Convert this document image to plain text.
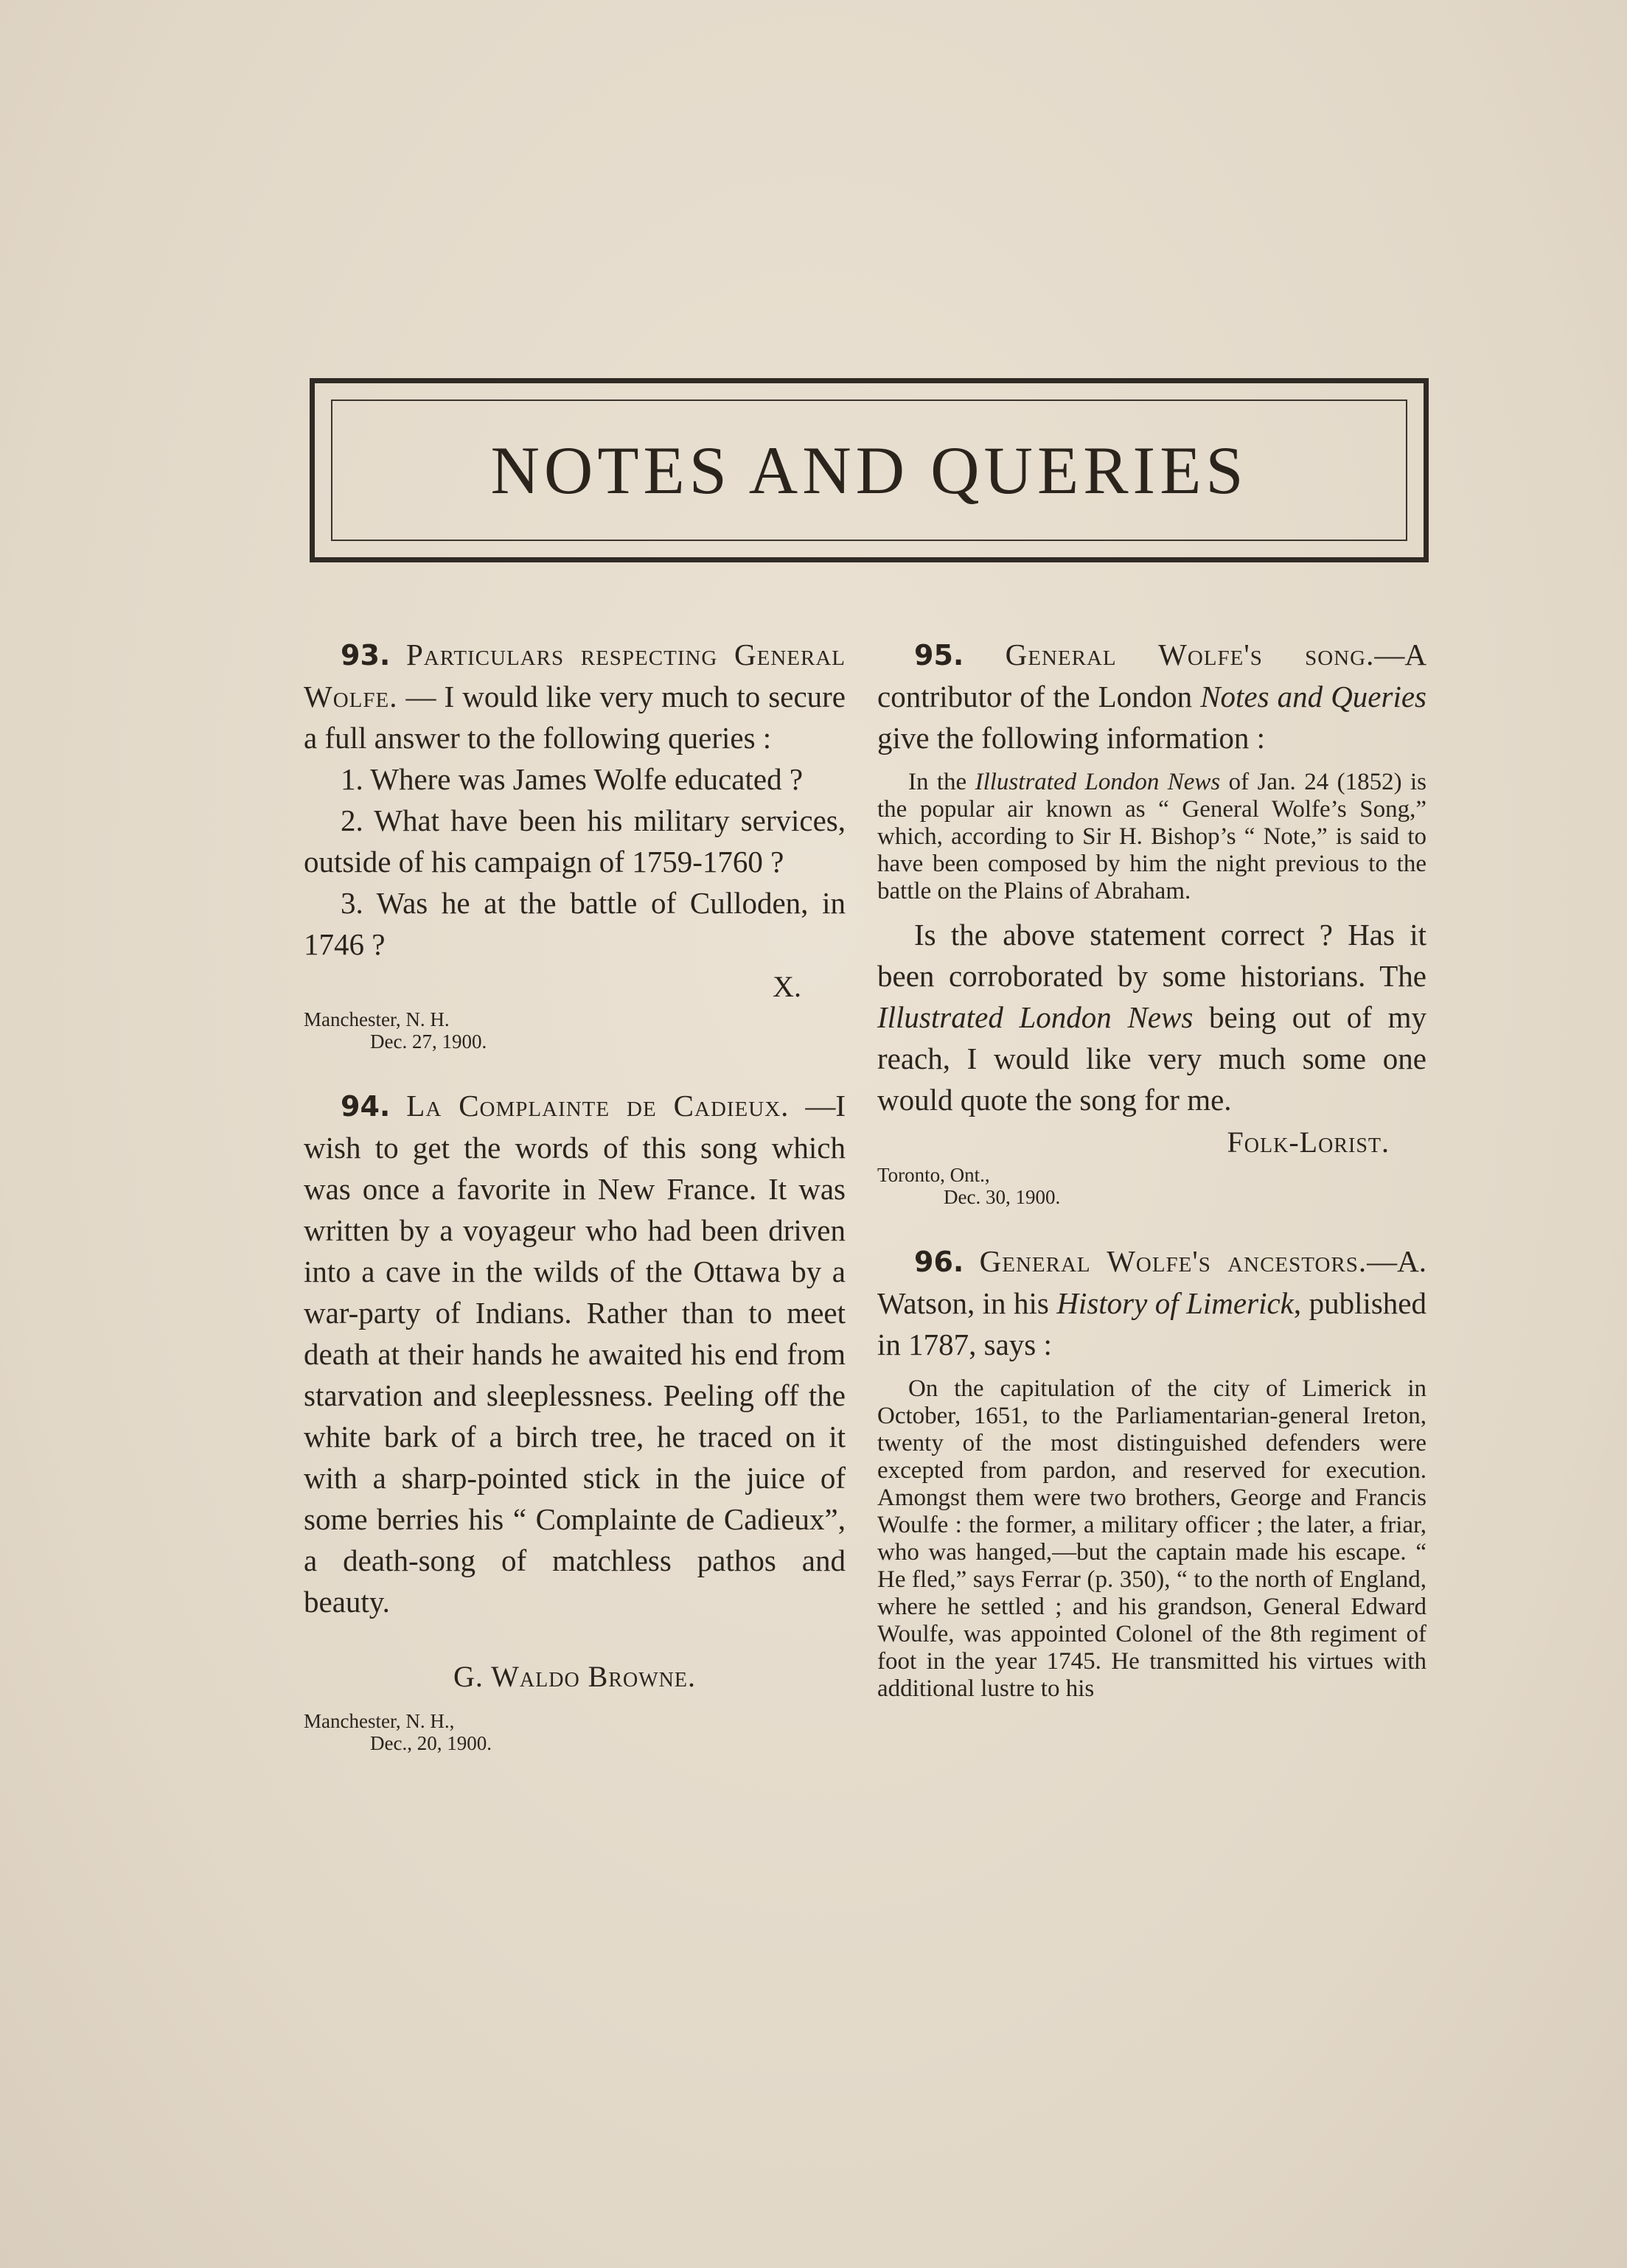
NOTES AND QUERIES

93. Particulars respecting General Wolfe. — I would like very much to secure a full answer to the following queries :

1. Where was James Wolfe educated ?

2. What have been his military services, outside of his campaign of 1759-1760 ?

3. Was he at the battle of Culloden, in 1746 ?

X.

Manchester, N. H.

Dec. 27, 1900.

94. La Complainte de Cadieux. —I wish to get the words of this song which was once a favorite in New France. It was written by a voyageur who had been driven into a cave in the wilds of the Ottawa by a war-party of Indians. Rather than to meet death at their hands he awaited his end from starvation and sleeplessness. Peeling off the white bark of a birch tree, he traced on it with a sharp-pointed stick in the juice of some berries his “ Complainte de Cadieux”, a death-song of matchless pathos and beauty.

G. Waldo Browne.

Manchester, N. H.,

Dec., 20, 1900.

95. General Wolfe's song.—A contributor of the London Notes and Queries give the following information :

In the Illustrated London News of Jan. 24 (1852) is the popular air known as “ General Wolfe’s Song,” which, according to Sir H. Bishop’s “ Note,” is said to have been composed by him the night previous to the battle on the Plains of Abraham.

Is the above statement correct ? Has it been corroborated by some historians. The Illustrated London News being out of my reach, I would like very much some one would quote the song for me.

Folk-Lorist.

Toronto, Ont.,

Dec. 30, 1900.

96. General Wolfe's ancestors.—A. Watson, in his History of Limerick, published in 1787, says :

On the capitulation of the city of Limerick in October, 1651, to the Parliamentarian-general Ireton, twenty of the most distinguished defenders were excepted from pardon, and reserved for execution. Amongst them were two brothers, George and Francis Woulfe : the former, a military officer ; the later, a friar, who was hanged,—but the captain made his escape. “ He fled,” says Ferrar (p. 350), “ to the north of England, where he settled ; and his grandson, General Edward Woulfe, was appointed Colonel of the 8th regiment of foot in the year 1745. He transmitted his virtues with additional lustre to his
